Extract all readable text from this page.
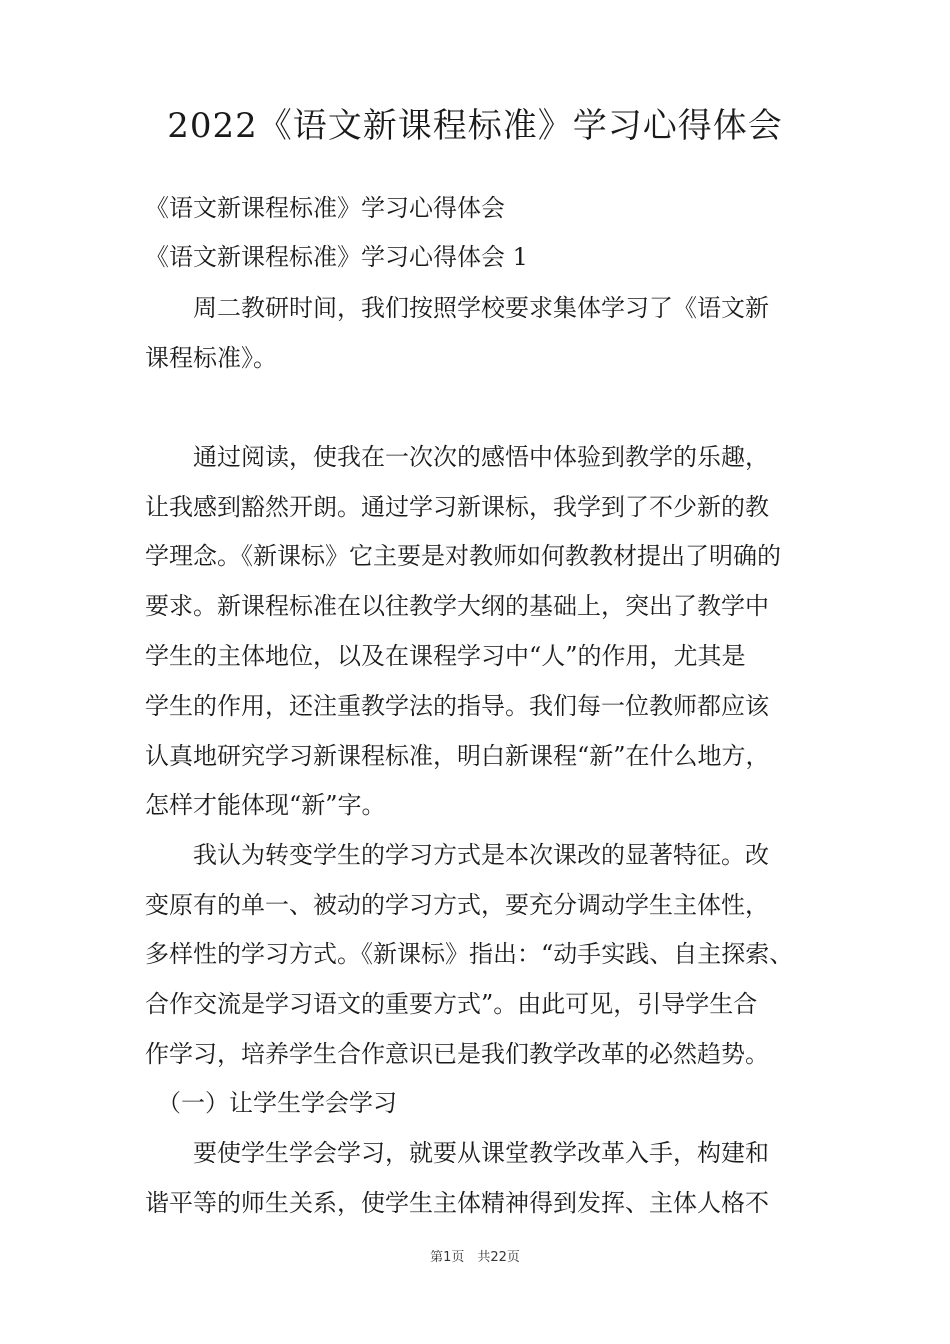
2022《语文新课程标准》学习心得体会
《语文新课程标准》学习心得体会
《语文新课程标准》学习心得体会 1
　　周二教研时间，我们按照学校要求集体学习了《语文新
课程标准》。
　　通过阅读，使我在一次次的感悟中体验到教学的乐趣，
让我感到豁然开朗。通过学习新课标，我学到了不少新的教
学理念。《新课标》它主要是对教师如何教教材提出了明确的
要求。新课程标准在以往教学大纲的基础上，突出了教学中
学生的主体地位，以及在课程学习中“人”的作用，尤其是
学生的作用，还注重教学法的指导。我们每一位教师都应该
认真地研究学习新课程标准，明白新课程“新”在什么地方，
怎样才能体现“新”字。
　　我认为转变学生的学习方式是本次课改的显著特征。改
变原有的单一、被动的学习方式，要充分调动学生主体性，
多样性的学习方式。《新课标》指出：“动手实践、自主探索、
合作交流是学习语文的重要方式”。由此可见，引导学生合
作学习，培养学生合作意识已是我们教学改革的必然趋势。
　（一）让学生学会学习
　　要使学生学会学习，就要从课堂教学改革入手，构建和
谐平等的师生关系，使学生主体精神得到发挥、主体人格不
第1页　共22页
